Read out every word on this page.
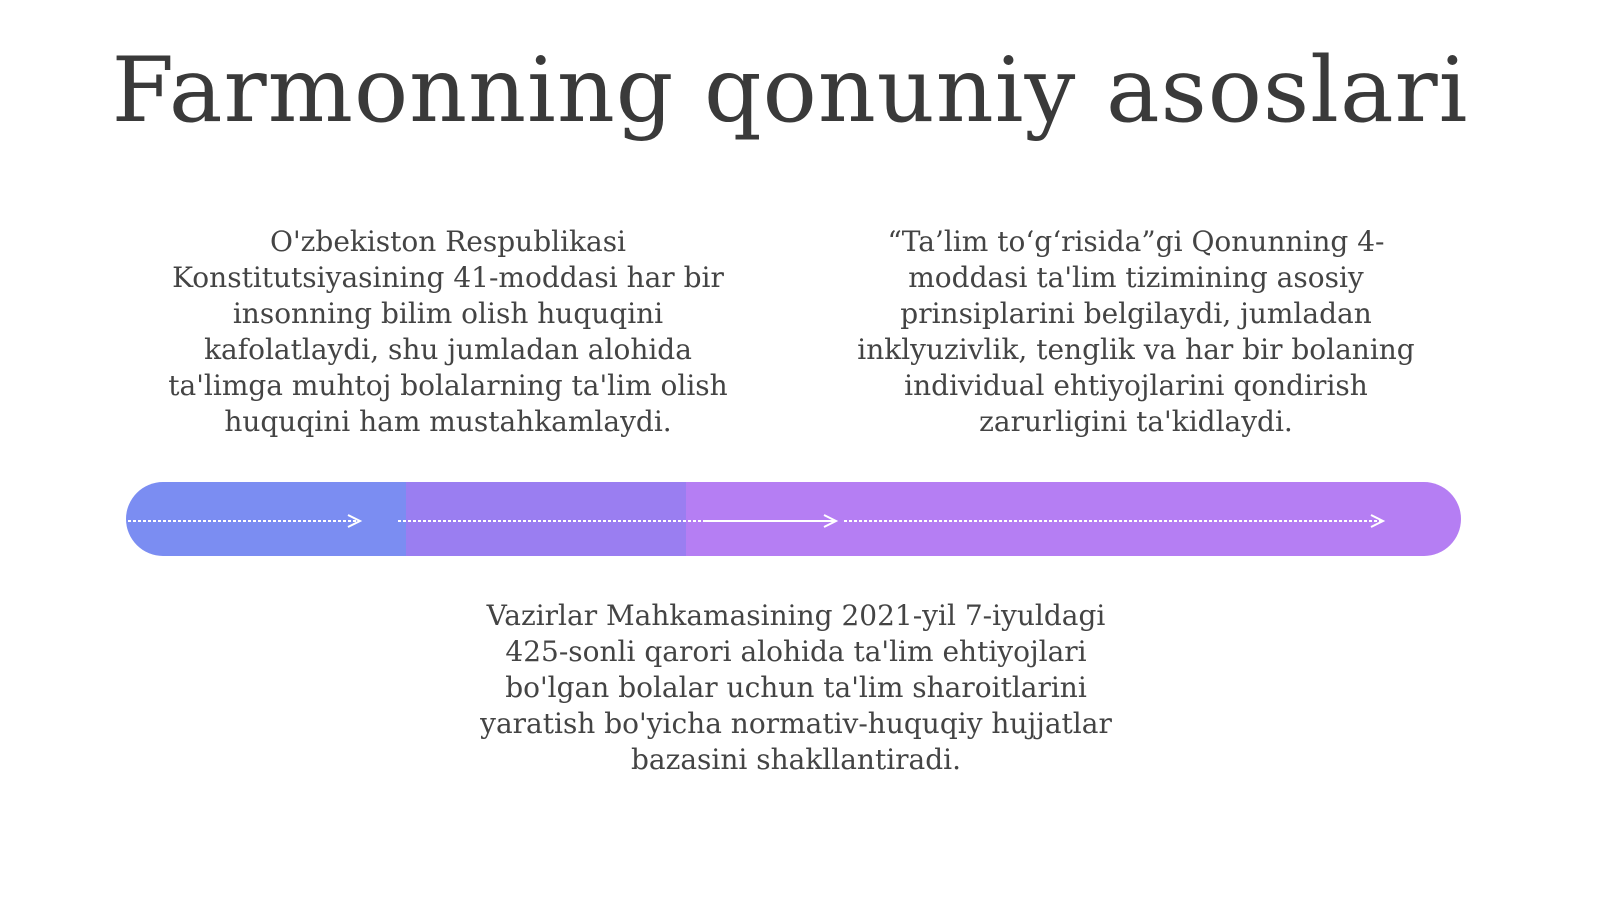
Farmonning qonuniy asoslari
O'zbekiston Respublikasi Konstitutsiyasining 41-moddasi har bir insonning bilim olish huquqini kafolatlaydi, shu jumladan alohida ta'limga muhtoj bolalarning ta'lim olish huquqini ham mustahkamlaydi.
“Ta’lim to‘g‘risida”gi Qonunning 4-moddasi ta'lim tizimining asosiy prinsiplarini belgilaydi, jumladan inklyuzivlik, tenglik va har bir bolaning individual ehtiyojlarini qondirish zarurligini ta'kidlaydi.
Vazirlar Mahkamasining 2021-yil 7-iyuldagi 425-sonli qarori alohida ta'lim ehtiyojlari bo'lgan bolalar uchun ta'lim sharoitlarini yaratish bo'yicha normativ-huquqiy hujjatlar bazasini shakllantiradi.
